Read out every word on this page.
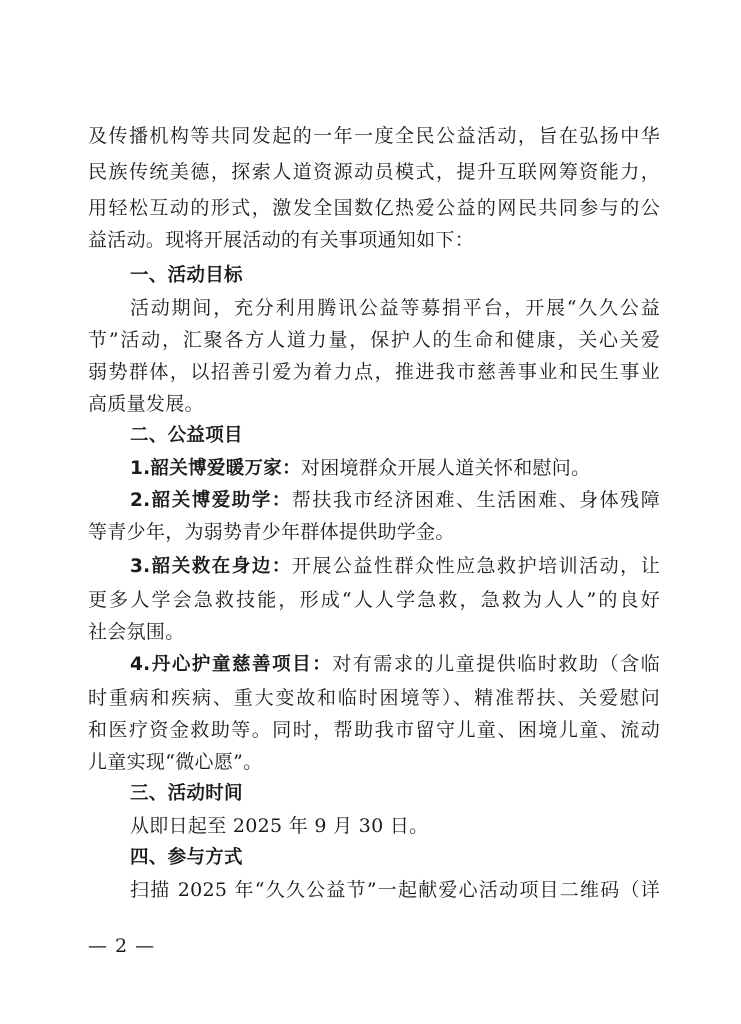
及传播机构等共同发起的一年一度全民公益活动，旨在弘扬中华
民族传统美德，探索人道资源动员模式，提升互联网筹资能力，
用轻松互动的形式，激发全国数亿热爱公益的网民共同参与的公
益活动。现将开展活动的有关事项通知如下：
一、活动目标
活动期间，充分利用腾讯公益等募捐平台，开展“久久公益
节”活动，汇聚各方人道力量，保护人的生命和健康，关心关爱
弱势群体，以招善引爱为着力点，推进我市慈善事业和民生事业
高质量发展。
二、公益项目
1.韶关博爱暖万家：对困境群众开展人道关怀和慰问。
2.韶关博爱助学：帮扶我市经济困难、生活困难、身体残障
等青少年，为弱势青少年群体提供助学金。
3.韶关救在身边：开展公益性群众性应急救护培训活动，让
更多人学会急救技能，形成“人人学急救，急救为人人”的良好
社会氛围。
4.丹心护童慈善项目：对有需求的儿童提供临时救助（含临
时重病和疾病、重大变故和临时困境等）、精准帮扶、关爱慰问
和医疗资金救助等。同时，帮助我市留守儿童、困境儿童、流动
儿童实现“微心愿”。
三、活动时间
从即日起至 2025 年 9 月 30 日。
四、参与方式
扫描 2025 年“久久公益节”一起献爱心活动项目二维码（详
— 2 —
